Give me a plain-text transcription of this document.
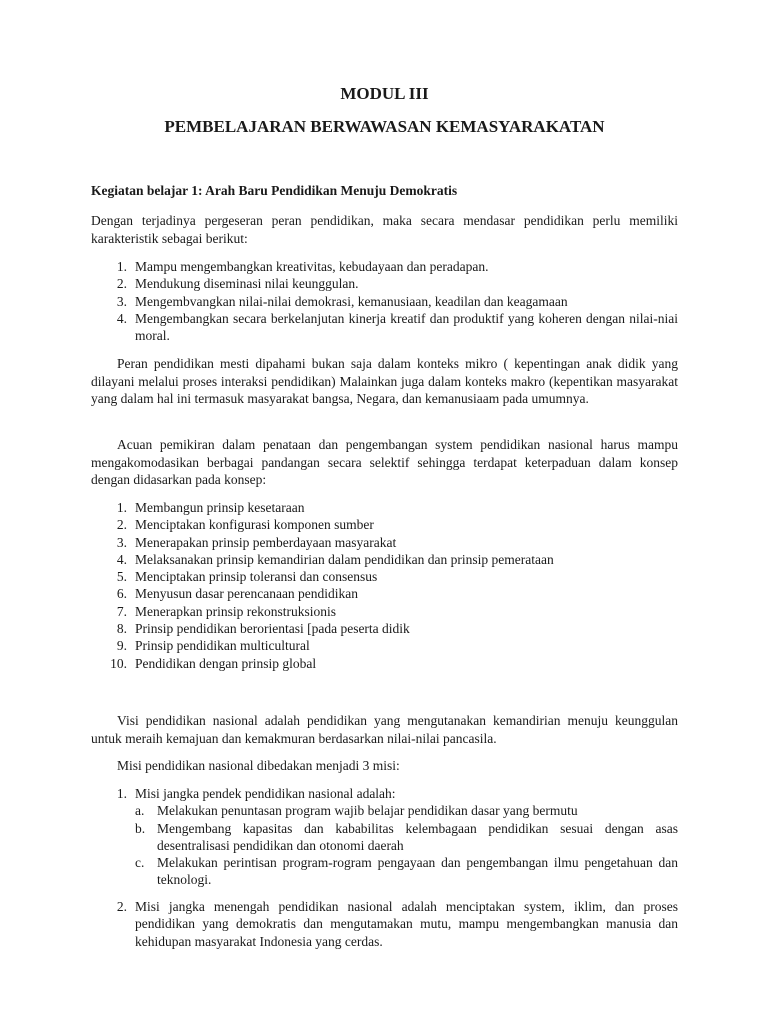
MODUL III
PEMBELAJARAN BERWAWASAN KEMASYARAKATAN
Kegiatan belajar 1: Arah Baru Pendidikan Menuju Demokratis

Dengan terjadinya pergeseran peran pendidikan, maka secara mendasar pendidikan perlu memiliki karakteristik sebagai berikut:

1. Mampu mengembangkan kreativitas, kebudayaan dan peradapan.
2. Mendukung diseminasi nilai keunggulan.
3. Mengembvangkan nilai-nilai demokrasi, kemanusiaan, keadilan dan keagamaan
4. Mengembangkan secara berkelanjutan kinerja kreatif dan produktif yang koheren dengan nilai-niai moral.

Peran pendidikan mesti dipahami bukan saja dalam konteks mikro ( kepentingan anak didik yang dilayani melalui proses interaksi pendidikan) Malainkan juga dalam konteks makro (kepentikan masyarakat yang dalam hal ini termasuk masyarakat bangsa, Negara, dan kemanusiaam pada umumnya.

Acuan pemikiran dalam penataan dan pengembangan system pendidikan nasional harus mampu mengakomodasikan berbagai pandangan secara selektif sehingga terdapat keterpaduan dalam konsep dengan didasarkan pada konsep:

1. Membangun prinsip kesetaraan
2. Menciptakan konfigurasi komponen sumber
3. Menerapakan prinsip pemberdayaan masyarakat
4. Melaksanakan prinsip kemandirian dalam pendidikan dan prinsip pemerataan
5. Menciptakan prinsip toleransi dan consensus
6. Menyusun dasar perencanaan pendidikan
7. Menerapkan prinsip rekonstruksionis
8. Prinsip pendidikan berorientasi [pada peserta didik
9. Prinsip pendidikan multicultural
10. Pendidikan dengan prinsip global

Visi pendidikan nasional adalah pendidikan yang mengutanakan kemandirian menuju keunggulan untuk meraih kemajuan dan kemakmuran berdasarkan nilai-nilai pancasila.

Misi pendidikan nasional dibedakan menjadi 3 misi:

1. Misi jangka pendek pendidikan nasional adalah:
a. Melakukan penuntasan program wajib belajar pendidikan dasar yang bermutu
b. Mengembang kapasitas dan kababilitas kelembagaan pendidikan sesuai dengan asas desentralisasi pendidikan dan otonomi daerah
c. Melakukan perintisan program-rogram pengayaan dan pengembangan ilmu pengetahuan dan teknologi.
2. Misi jangka menengah pendidikan nasional adalah menciptakan system, iklim, dan proses pendidikan yang demokratis dan mengutamakan mutu, mampu mengembangkan manusia dan kehidupan masyarakat Indonesia yang cerdas.
